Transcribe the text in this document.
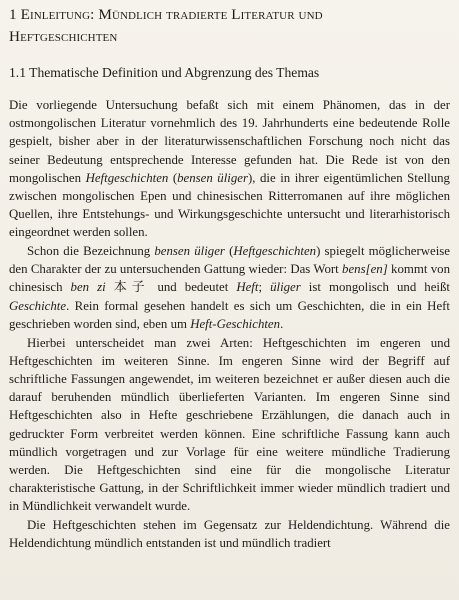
1 Einleitung: Mündlich tradierte Literatur und
Heftgeschichten
1.1 Thematische Definition und Abgrenzung des Themas

Die vorliegende Untersuchung befaßt sich mit einem Phänomen, das in der ostmongolischen Literatur vornehmlich des 19. Jahrhunderts eine bedeutende Rolle gespielt, bisher aber in der literaturwissenschaftlichen Forschung noch nicht das seiner Bedeutung entsprechende Interesse gefunden hat. Die Rede ist von den mongolischen Heftgeschichten (bensen üliger), die in ihrer eigentümlichen Stellung zwischen mongolischen Epen und chinesischen Ritterromanen auf ihre möglichen Quellen, ihre Entstehungs- und Wirkungsgeschichte untersucht und literarhistorisch eingeordnet werden sollen.

Schon die Bezeichnung bensen üliger (Heftgeschichten) spiegelt möglicherweise den Charakter der zu untersuchenden Gattung wieder: Das Wort bens[en] kommt von chinesisch ben zi 本子 und bedeutet Heft; üliger ist mongolisch und heißt Geschichte. Rein formal gesehen handelt es sich um Geschichten, die in ein Heft geschrieben worden sind, eben um Heft-Geschichten.

Hierbei unterscheidet man zwei Arten: Heftgeschichten im engeren und Heftgeschichten im weiteren Sinne. Im engeren Sinne wird der Begriff auf schriftliche Fassungen angewendet, im weiteren bezeichnet er außer diesen auch die darauf beruhenden mündlich überlieferten Varianten. Im engeren Sinne sind Heftgeschichten also in Hefte geschriebene Erzählungen, die danach auch in gedruckter Form verbreitet werden können. Eine schriftliche Fassung kann auch mündlich vorgetragen und zur Vorlage für eine weitere mündliche Tradierung werden. Die Heftgeschichten sind eine für die mongolische Literatur charakteristische Gattung, in der Schriftlichkeit immer wieder mündlich tradiert und in Mündlichkeit verwandelt wurde.

Die Heftgeschichten stehen im Gegensatz zur Heldendichtung. Während die Heldendichtung mündlich entstanden ist und mündlich tradiert
